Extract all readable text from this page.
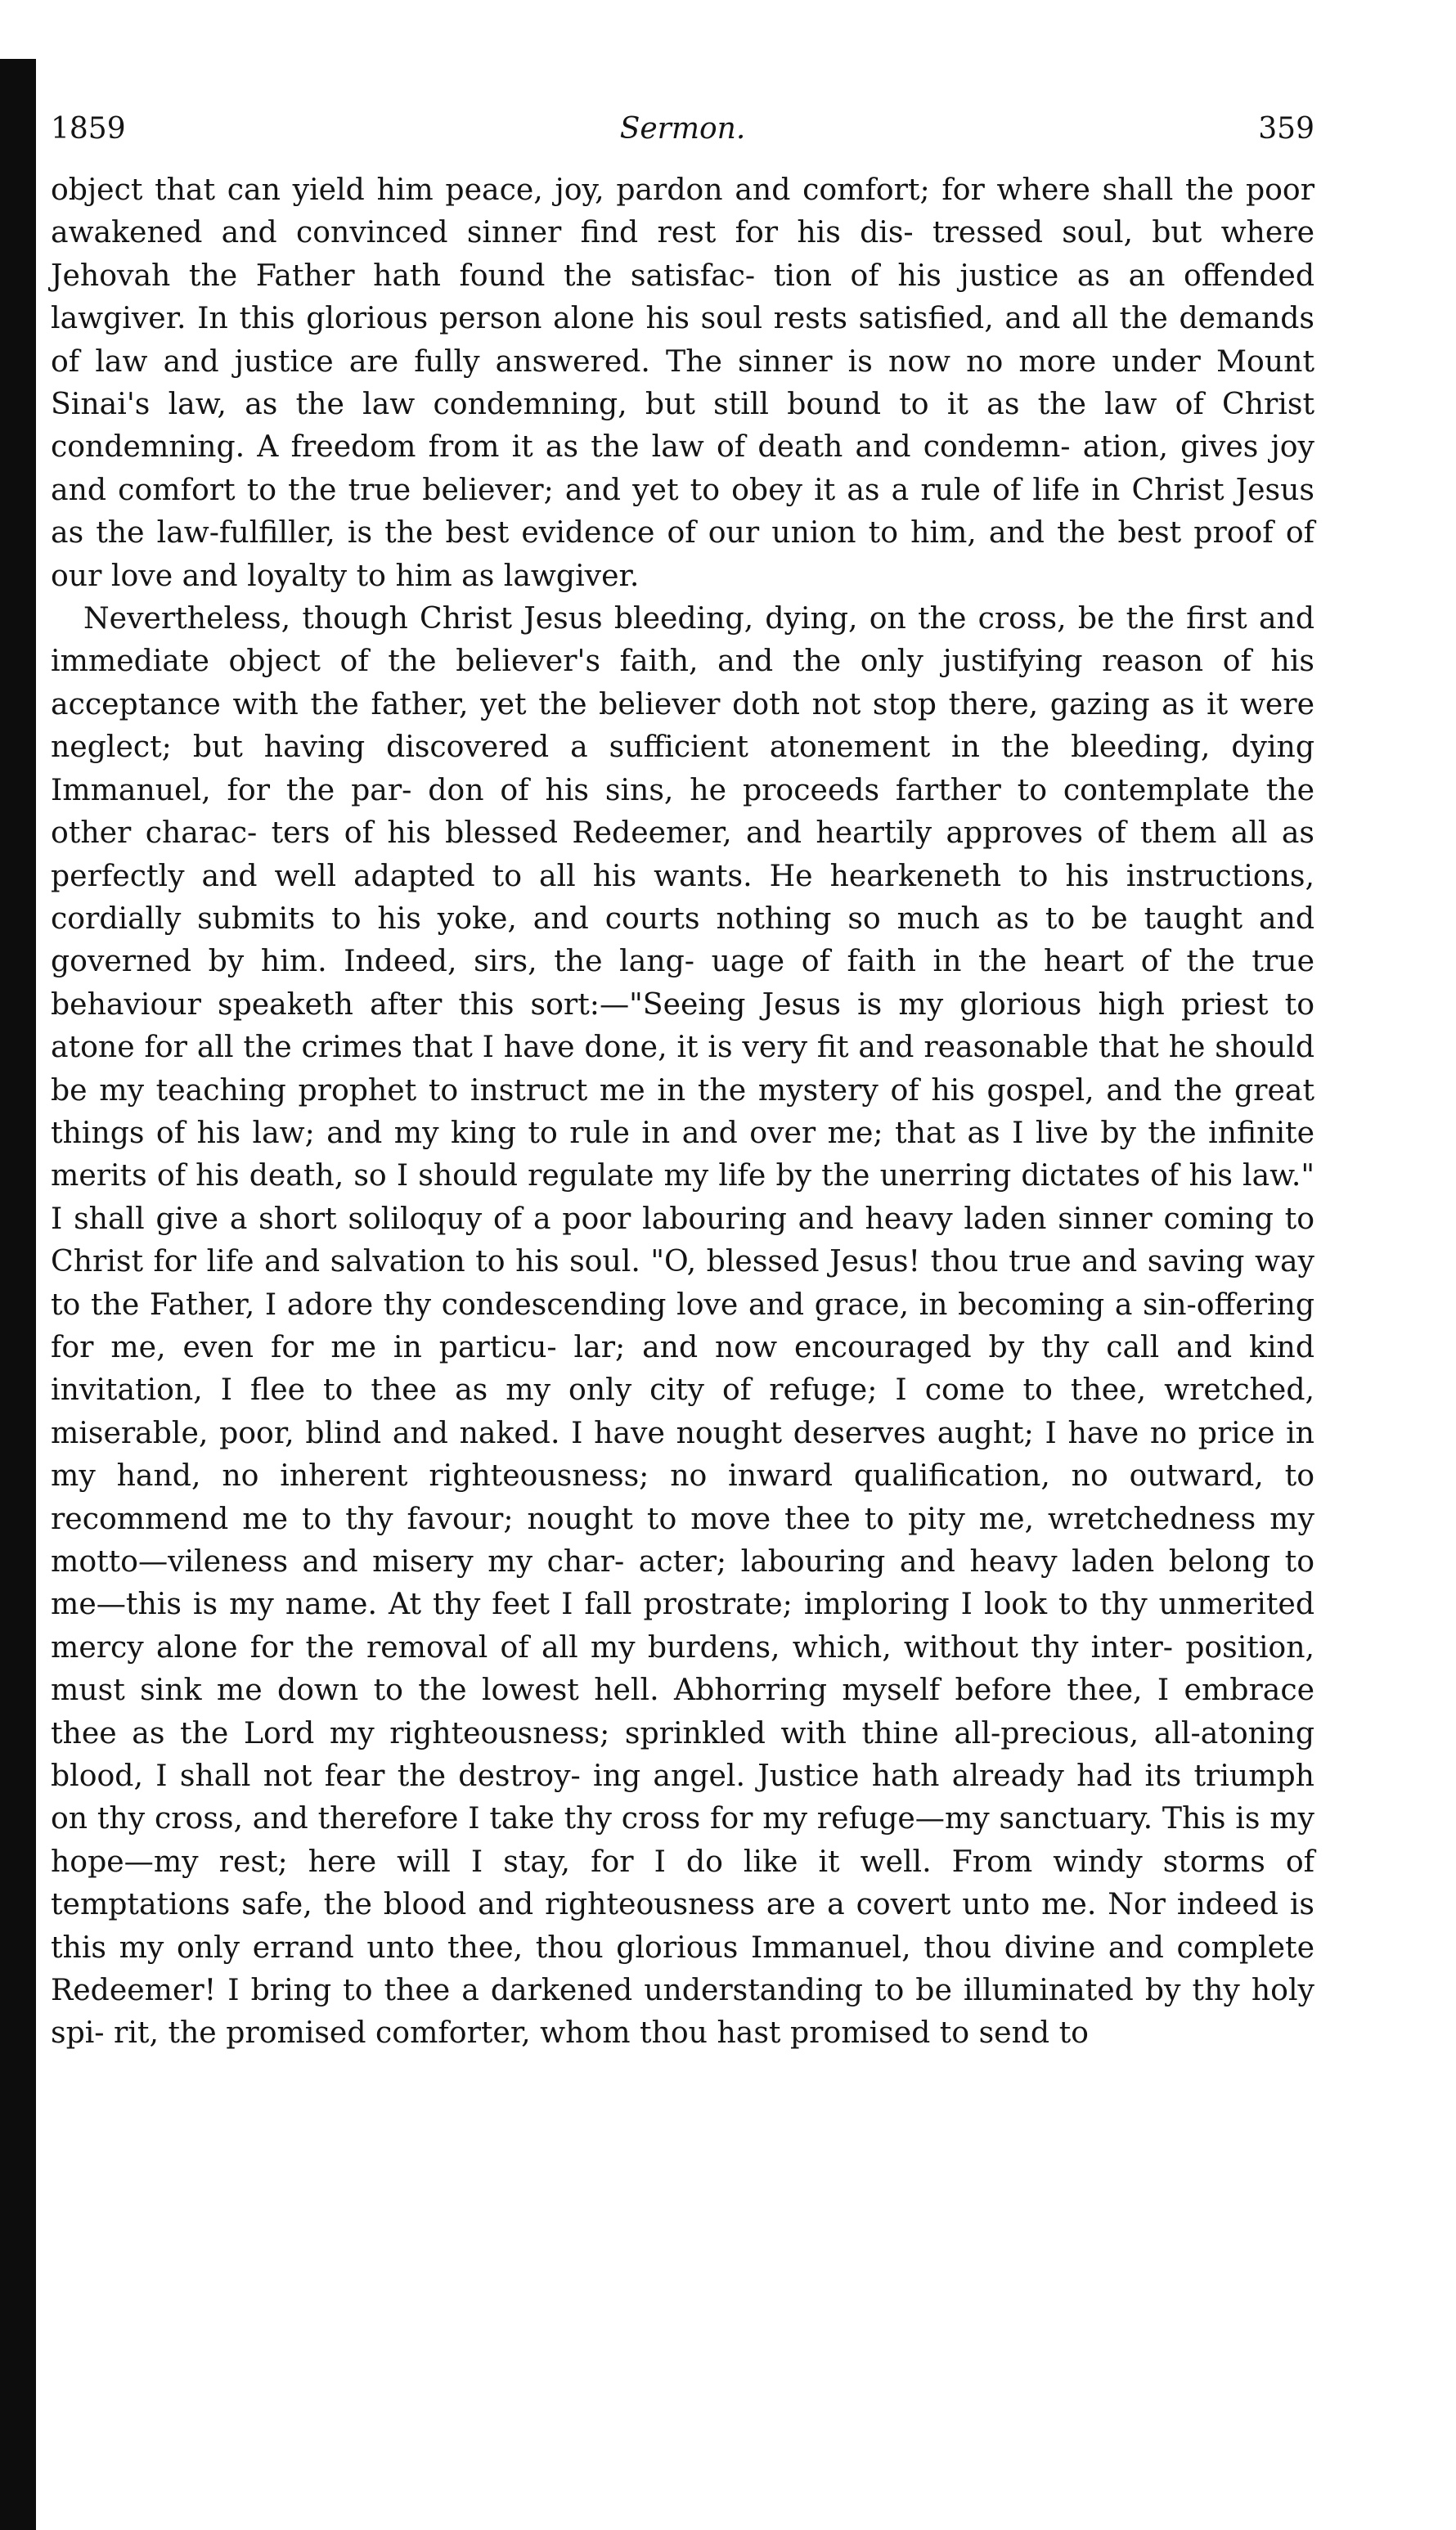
1859	Sermon.	359

object that can yield him peace, joy, pardon and comfort; for where shall the poor awakened and convinced sinner find rest for his dis- tressed soul, but where Jehovah the Father hath found the satisfac- tion of his justice as an offended lawgiver. In this glorious person alone his soul rests satisfied, and all the demands of law and justice are fully answered. The sinner is now no more under Mount Sinai's law, as the law condemning, but still bound to it as the law of Christ condemning. A freedom from it as the law of death and condemn- ation, gives joy and comfort to the true believer; and yet to obey it as a rule of life in Christ Jesus as the law-fulfiller, is the best evidence of our union to him, and the best proof of our love and loyalty to him as lawgiver.

Nevertheless, though Christ Jesus bleeding, dying, on the cross, be the first and immediate object of the believer's faith, and the only justifying reason of his acceptance with the father, yet the believer doth not stop there, gazing as it were neglect; but having discovered a sufficient atonement in the bleeding, dying Immanuel, for the par- don of his sins, he proceeds farther to contemplate the other charac- ters of his blessed Redeemer, and heartily approves of them all as perfectly and well adapted to all his wants. He hearkeneth to his instructions, cordially submits to his yoke, and courts nothing so much as to be taught and governed by him. Indeed, sirs, the lang- uage of faith in the heart of the true behaviour speaketh after this sort:—"Seeing Jesus is my glorious high priest to atone for all the crimes that I have done, it is very fit and reasonable that he should be my teaching prophet to instruct me in the mystery of his gospel, and the great things of his law; and my king to rule in and over me; that as I live by the infinite merits of his death, so I should regulate my life by the unerring dictates of his law." I shall give a short soliloquy of a poor labouring and heavy laden sinner coming to Christ for life and salvation to his soul. "O, blessed Jesus! thou true and saving way to the Father, I adore thy condescending love and grace, in becoming a sin-offering for me, even for me in particu- lar; and now encouraged by thy call and kind invitation, I flee to thee as my only city of refuge; I come to thee, wretched, miserable, poor, blind and naked. I have nought deserves aught; I have no price in my hand, no inherent righteousness; no inward qualification, no outward, to recommend me to thy favour; nought to move thee to pity me, wretchedness my motto—vileness and misery my char- acter; labouring and heavy laden belong to me—this is my name. At thy feet I fall prostrate; imploring I look to thy unmerited mercy alone for the removal of all my burdens, which, without thy inter- position, must sink me down to the lowest hell. Abhorring myself before thee, I embrace thee as the Lord my righteousness; sprinkled with thine all-precious, all-atoning blood, I shall not fear the destroy- ing angel. Justice hath already had its triumph on thy cross, and therefore I take thy cross for my refuge—my sanctuary. This is my hope—my rest; here will I stay, for I do like it well. From windy storms of temptations safe, the blood and righteousness are a covert unto me. Nor indeed is this my only errand unto thee, thou glorious Immanuel, thou divine and complete Redeemer! I bring to thee a darkened understanding to be illuminated by thy holy spi- rit, the promised comforter, whom thou hast promised to send to
